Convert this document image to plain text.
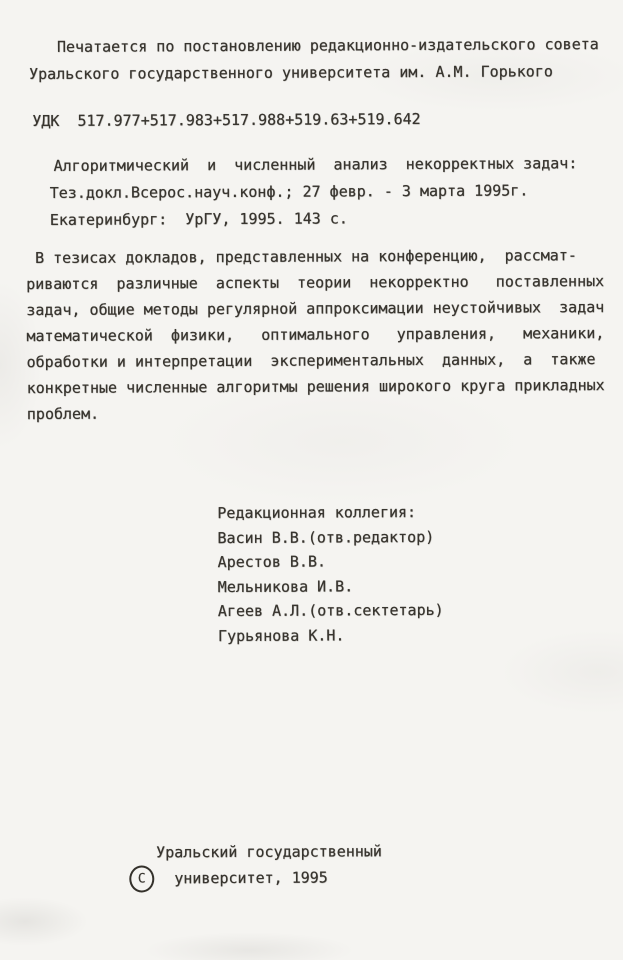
Печатается по постановлению редакционно-издательского совета
Уральского государственного университета им. А.М. Горького
УДК  517.977+517.983+517.988+519.63+519.642
Алгоритмический  и  численный  анализ  некорректных задач:
Тез.докл.Всерос.науч.конф.; 27 февр. - 3 марта 1995г.
Екатеринбург:  УрГУ, 1995. 143 с.
В тезисах докладов, представленных на конференцию,  рассмат-
риваются  различные  аспекты  теории  некорректно   поставленных
задач, общие методы регулярной аппроксимации неустойчивых  задач
математической  физики,   оптимального   управления,   механики,
обработки и интерпретации  экспериментальных  данных,  а  также
конкретные численные алгоритмы решения широкого круга прикладных
проблем.
Редакционная коллегия:
Васин В.В.(отв.редактор)
Арестов В.В.
Мельникова И.В.
Агеев А.Л.(отв.сектетарь)
Гурьянова К.Н.
С
Уральский государственный
университет, 1995
